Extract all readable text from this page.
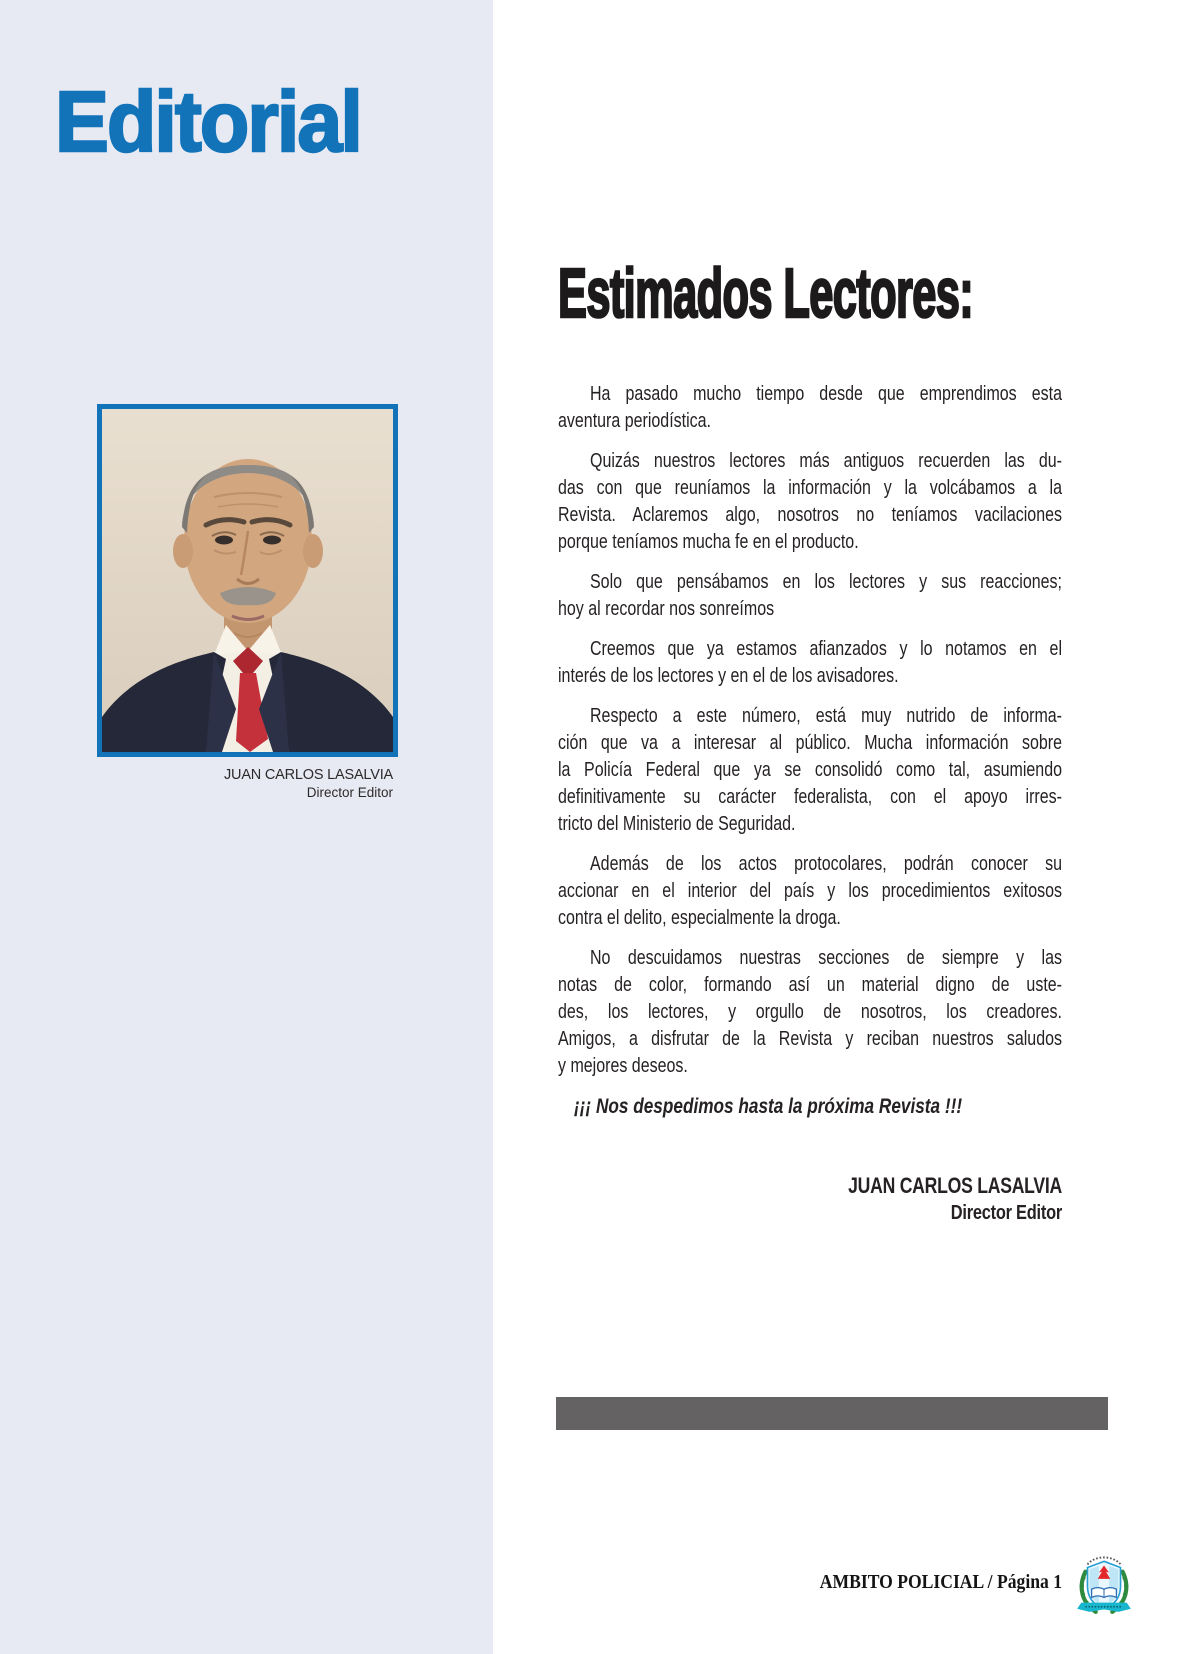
Editorial
JUAN CARLOS LASALVIA
Director Editor
Estimados Lectores:
Ha pasado mucho tiempo desde que emprendimos esta
aventura periodística.
Quizás nuestros lectores más antiguos recuerden las du-
das con que reuníamos la información y la volcábamos a la
Revista. Aclaremos algo, nosotros no teníamos vacilaciones
porque teníamos mucha fe en el producto.
Solo que pensábamos en los lectores y sus reacciones;
hoy al recordar nos sonreímos
Creemos que ya estamos afianzados y lo notamos en el
interés de los lectores y en el de los avisadores.
Respecto a este número, está muy nutrido de informa-
ción que va a interesar al público. Mucha información sobre
la Policía Federal que ya se consolidó como tal, asumiendo
definitivamente su carácter federalista, con el apoyo irres-
tricto del Ministerio de Seguridad.
Además de los actos protocolares, podrán conocer su
accionar en el interior del país y los procedimientos exitosos
contra el delito, especialmente la droga.
No descuidamos nuestras secciones de siempre y las
notas de color, formando así un material digno de uste-
des, los lectores, y orgullo de nosotros, los creadores.
Amigos, a disfrutar de la Revista y reciban nuestros saludos
y mejores deseos.
¡¡¡ Nos despedimos hasta la próxima Revista !!!
JUAN CARLOS LASALVIA
Director Editor
AMBITO POLICIAL / Página 1
